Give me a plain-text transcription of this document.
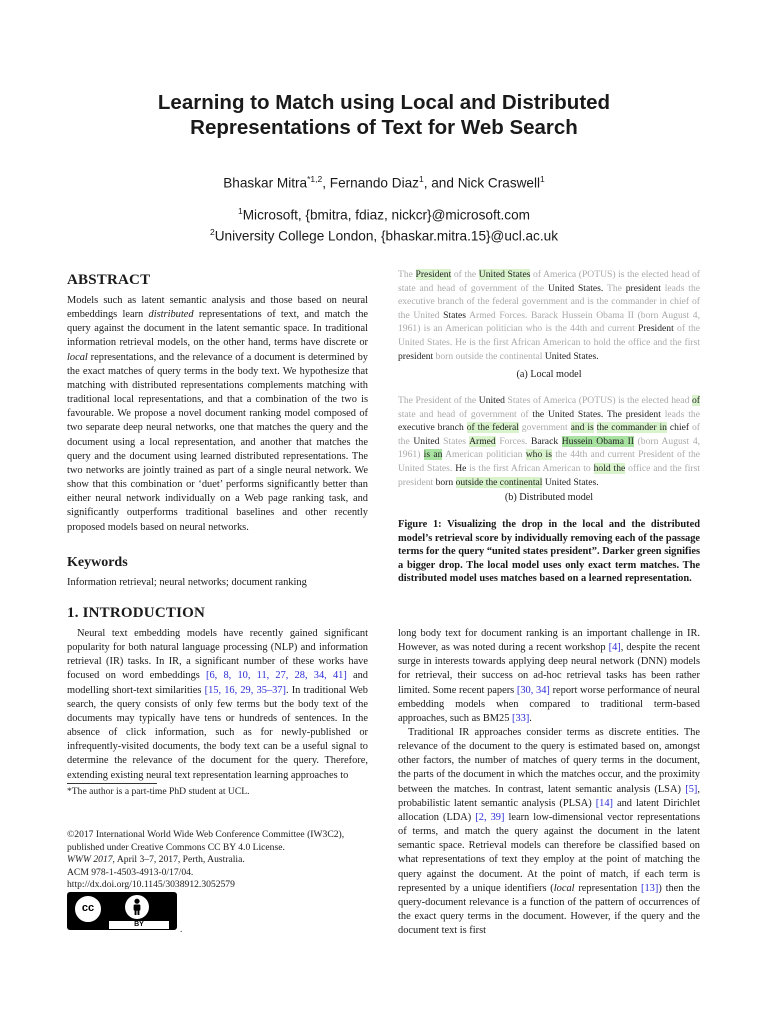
Learning to Match using Local and Distributed Representations of Text for Web Search
Bhaskar Mitra$^{*1,2}$, Fernando Diaz$^1$, and Nick Craswell$^1$
$^1$Microsoft, {bmitra, fdiaz, nickcr}@microsoft.com
$^2$University College London, {bhaskar.mitra.15}@ucl.ac.uk
ABSTRACT
Models such as latent semantic analysis and those based on neural embeddings learn distributed representations of text, and match the query against the document in the latent semantic space. In traditional information retrieval models, on the other hand, terms have discrete or local representations, and the relevance of a document is determined by the exact matches of query terms in the body text. We hypothesize that matching with distributed representations complements matching with traditional local representations, and that a combination of the two is favourable. We propose a novel document ranking model composed of two separate deep neural networks, one that matches the query and the document using a local representation, and another that matches the query and the document using learned distributed representations. The two networks are jointly trained as part of a single neural network. We show that this combination or ‘duet’ performs significantly better than either neural network individually on a Web page ranking task, and significantly outperforms traditional baselines and other recently proposed models based on neural networks.
Keywords
Information retrieval; neural networks; document ranking
1. INTRODUCTION
Neural text embedding models have recently gained significant popularity for both natural language processing (NLP) and information retrieval (IR) tasks. In IR, a significant number of these works have focused on word embeddings [6, 8, 10, 11, 27, 28, 34, 41] and modelling short-text similarities [15, 16, 29, 35–37]. In traditional Web search, the query consists of only few terms but the body text of the documents may typically have tens or hundreds of sentences. In the absence of click information, such as for newly-published or infrequently-visited documents, the body text can be a useful signal to determine the relevance of the document for the query. Therefore, extending existing neural text representation learning approaches to
*The author is a part-time PhD student at UCL.
©2017 International World Wide Web Conference Committee (IW3C2), published under Creative Commons CC BY 4.0 License.
WWW 2017, April 3–7, 2017, Perth, Australia.
ACM 978-1-4503-4913-0/17/04.
http://dx.doi.org/10.1145/3038912.3052579
cc
BY	.
The President of the United States of America (POTUS) is the elected head of state and head of government of the United States. The president leads the executive branch of the federal government and is the commander in chief of the United States Armed Forces. Barack Hussein Obama II (born August 4, 1961) is an American politician who is the 44th and current President of the United States. He is the first African American to hold the office and the first president born outside the continental United States.
(a) Local model
The President of the United States of America (POTUS) is the elected head of state and head of government of the United States. The president leads the executive branch of the federal government and is the commander in chief of the United States Armed Forces. Barack Hussein Obama II (born August 4, 1961) is an American politician who is the 44th and current President of the United States. He is the first African American to hold the office and the first president born outside the continental United States.
(b) Distributed model
Figure 1: Visualizing the drop in the local and the distributed model’s retrieval score by individually removing each of the passage terms for the query “united states president”. Darker green signifies a bigger drop. The local model uses only exact term matches. The distributed model uses matches based on a learned representation.
long body text for document ranking is an important challenge in IR. However, as was noted during a recent workshop [4], despite the recent surge in interests towards applying deep neural network (DNN) models for retrieval, their success on ad-hoc retrieval tasks has been rather limited. Some recent papers [30, 34] report worse performance of neural embedding models when compared to traditional term-based approaches, such as BM25 [33].
Traditional IR approaches consider terms as discrete entities. The relevance of the document to the query is estimated based on, amongst other factors, the number of matches of query terms in the document, the parts of the document in which the matches occur, and the proximity between the matches. In contrast, latent semantic analysis (LSA) [5], probabilistic latent semantic analysis (PLSA) [14] and latent Dirichlet allocation (LDA) [2, 39] learn low-dimensional vector representations of terms, and match the query against the document in the latent semantic space. Retrieval models can therefore be classified based on what representations of text they employ at the point of matching the query against the document. At the point of match, if each term is represented by a unique identifiers (local representation [13]) then the query-document relevance is a function of the pattern of occurrences of the exact query terms in the document. However, if the query and the document text is first
